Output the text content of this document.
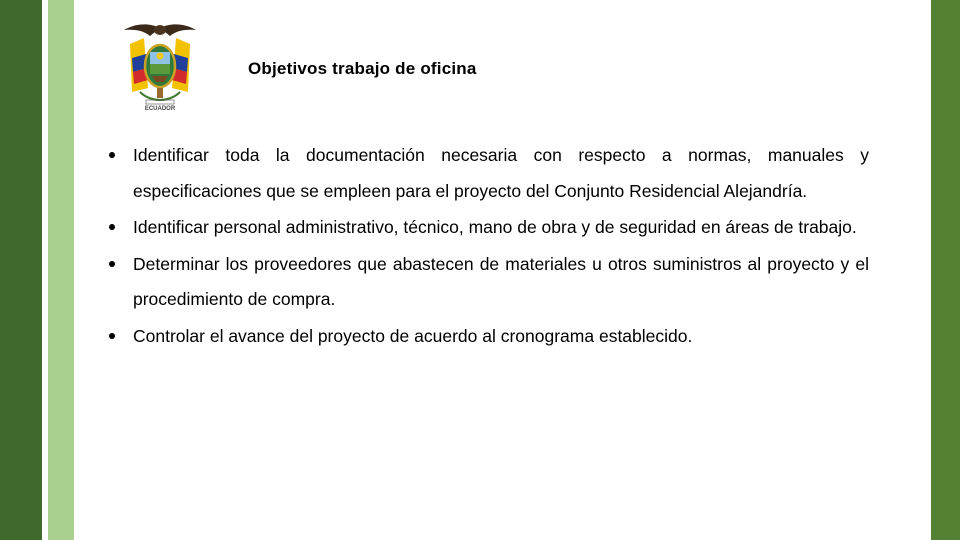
ECUADOR
Objetivos trabajo de oficina
Identificar toda la documentación necesaria con respecto a normas, manuales y especificaciones que se empleen para el proyecto del Conjunto Residencial Alejandría.
Identificar personal administrativo, técnico, mano de obra y de seguridad en áreas de trabajo.
Determinar los proveedores que abastecen de materiales u otros suministros al proyecto y el procedimiento de compra.
Controlar el avance del proyecto de acuerdo al cronograma establecido.
